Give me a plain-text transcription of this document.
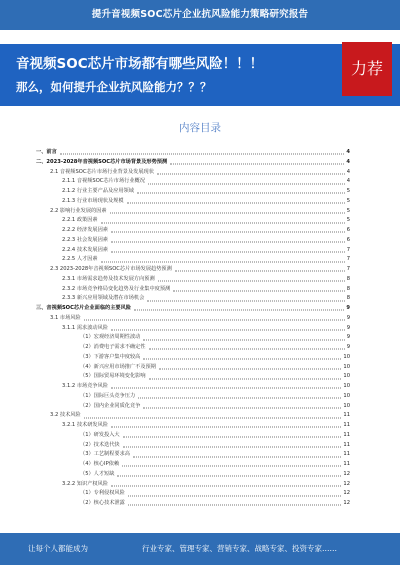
提升音视频SOC芯片企业抗风险能力策略研究报告
音视频SOC芯片市场都有哪些风险！！！
那么，如何提升企业抗风险能力？？？
力荐
内容目录
一、前言	4
二、2023-2028年音视频SOC芯片市场背景及形势预测	4
2.1 音视频SOC芯片市场行业背景及发展现状	4
2.1.1 音视频SOC芯片市场行业概况	4
2.1.2 行业主要产品及应用领域	5
2.1.3 行业市场现状及规模	5
2.2 影响行业发展的因素	5
2.2.1 政策因素	5
2.2.2 经济发展因素	6
2.2.3 社会发展因素	6
2.2.4 技术发展因素	7
2.2.5 人才因素	7
2.3 2023-2028年音视频SOC芯片市场发展趋势预测	7
2.3.1 市场需求趋势及技术发展方向预测	8
2.3.2 市场竞争格局变化趋势及行业集中度预测	8
2.3.3 新兴应用领域及潜在市场机会	8
三、音视频SOC芯片企业面临的主要风险	9
3.1 市场风险	9
3.1.1 需求波动风险	9
（1）宏观经济周期性波动	9
（2）消费电子需求不确定性	9
（3）下游客户集中度较高	10
（4）新兴应用市场推广不及预期	10
（5）国际贸易环境变化影响	10
3.1.2 市场竞争风险	10
（1）国际巨头竞争压力	10
（2）国内企业同质化竞争	10
3.2 技术风险	11
3.2.1 技术研发风险	11
（1）研发投入大	11
（2）技术迭代快	11
（3）工艺制程要求高	11
（4）核心IP依赖	11
（5）人才短缺	12
3.2.2 知识产权风险	12
（1）专利侵权风险	12
（2）核心技术泄露	12
让每个人都能成为	行业专家、管理专家、营销专家、战略专家、投资专家……
